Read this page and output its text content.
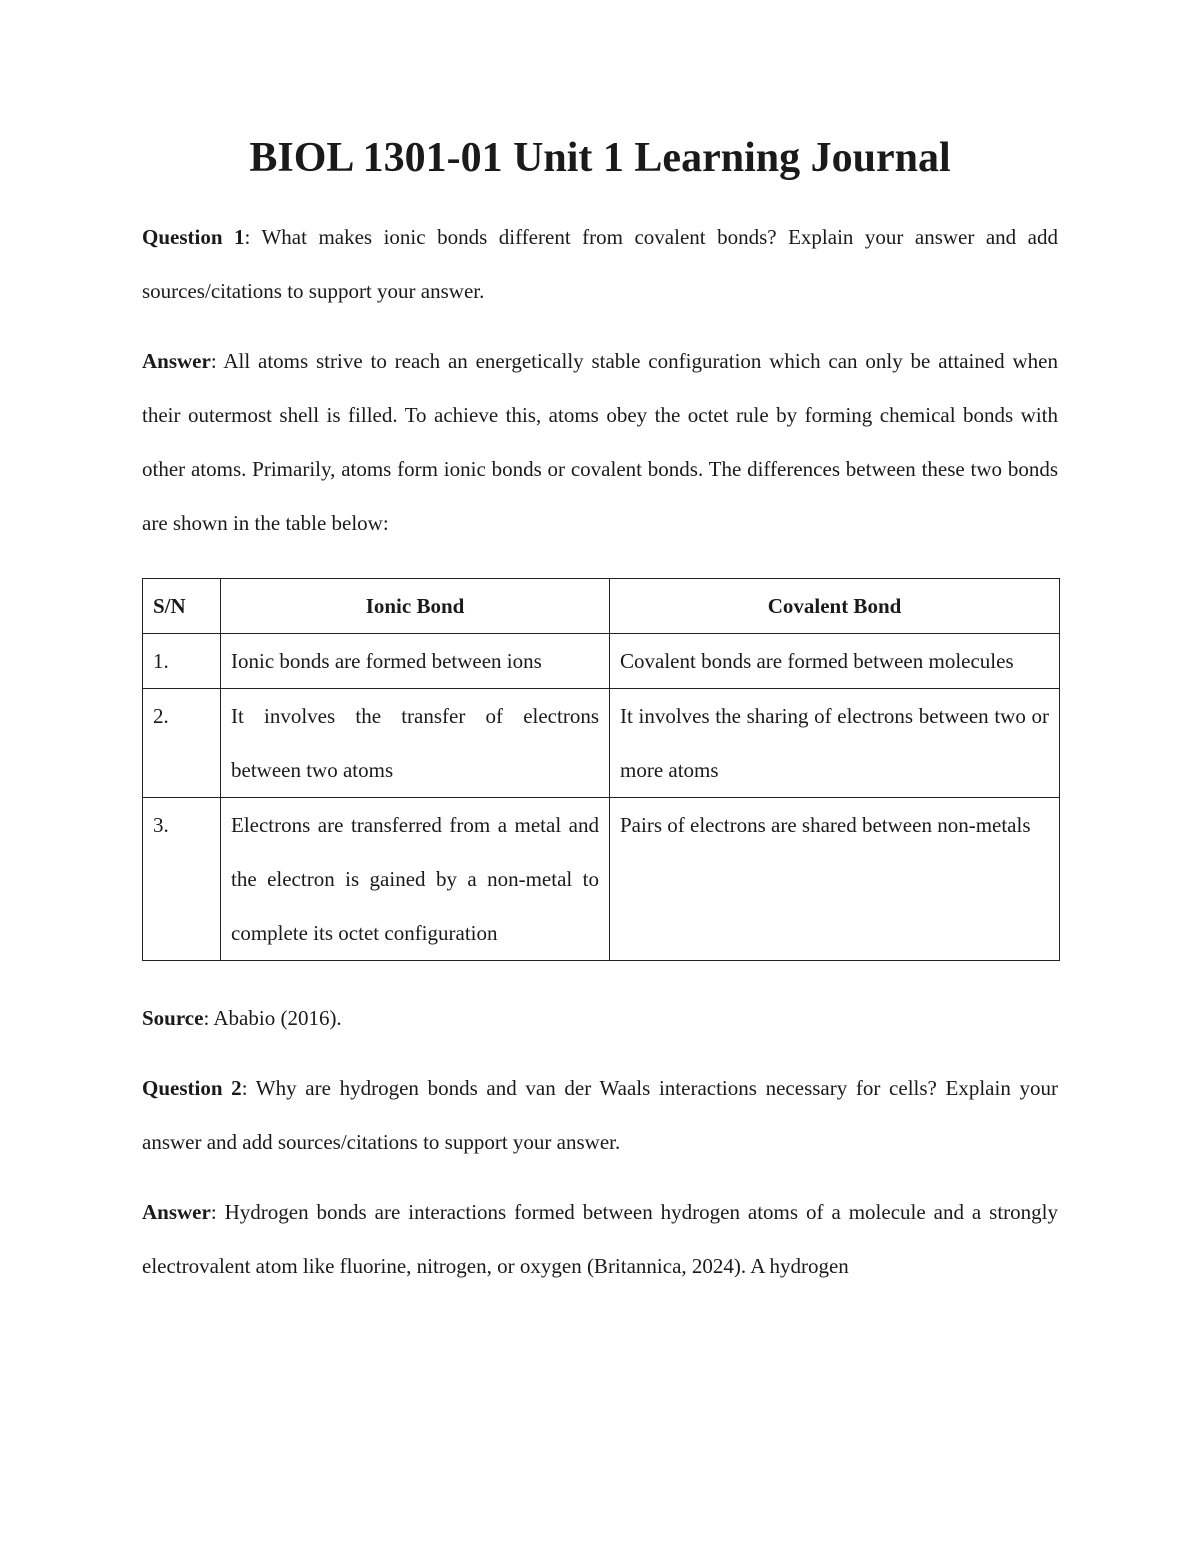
BIOL 1301-01 Unit 1 Learning Journal

Question 1: What makes ionic bonds different from covalent bonds? Explain your answer and add sources/citations to support your answer.

Answer: All atoms strive to reach an energetically stable configuration which can only be attained when their outermost shell is filled. To achieve this, atoms obey the octet rule by forming chemical bonds with other atoms. Primarily, atoms form ionic bonds or covalent bonds. The differences between these two bonds are shown in the table below:

S/N	Ionic Bond	Covalent Bond
1.	Ionic bonds are formed between ions	Covalent bonds are formed between molecules
2.	It involves the transfer of electrons between two atoms	It involves the sharing of electrons between two or more atoms
3.	Electrons are transferred from a metal and the electron is gained by a non-metal to complete its octet configuration	Pairs of electrons are shared between non-metals

Source: Ababio (2016).

Question 2: Why are hydrogen bonds and van der Waals interactions necessary for cells? Explain your answer and add sources/citations to support your answer.

Answer: Hydrogen bonds are interactions formed between hydrogen atoms of a molecule and a strongly electrovalent atom like fluorine, nitrogen, or oxygen (Britannica, 2024). A hydrogen
